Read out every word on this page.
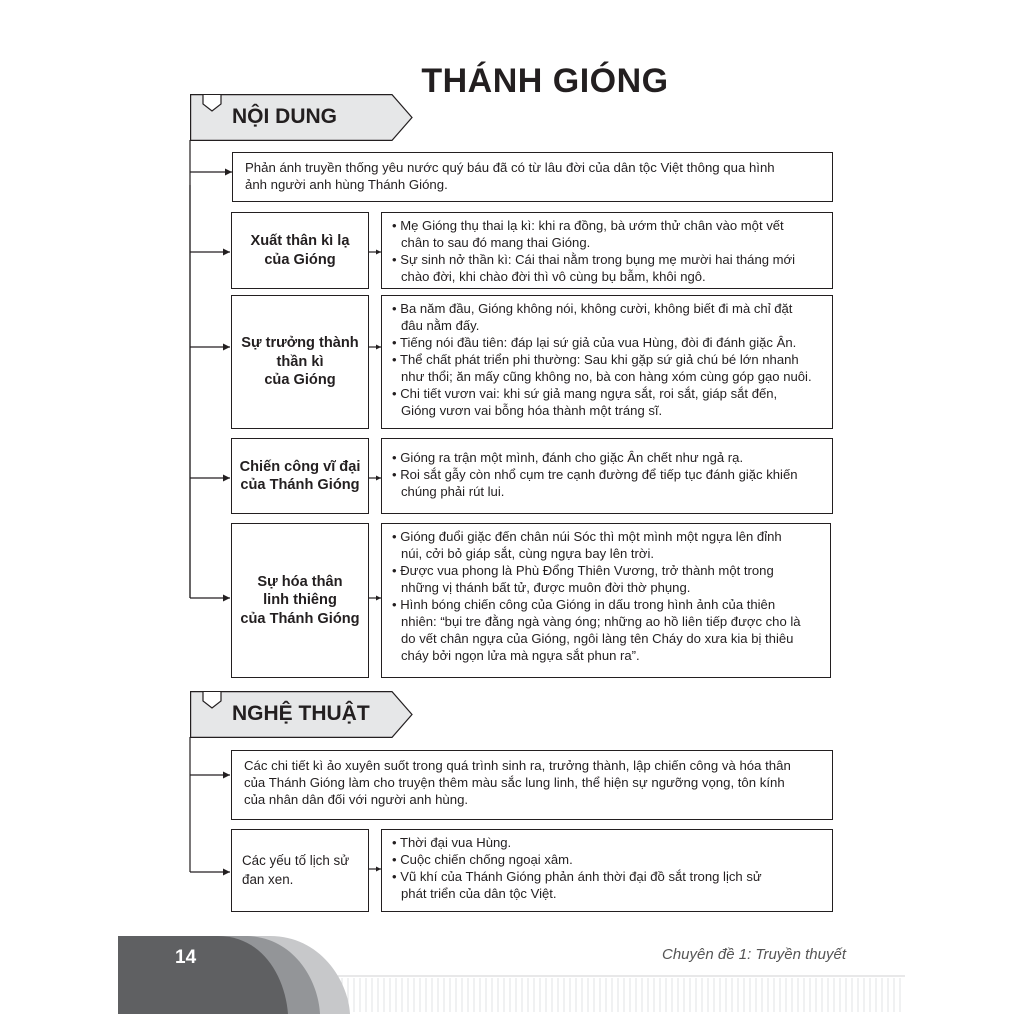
THÁNH GIÓNG
NỘI DUNG
Phản ánh truyền thống yêu nước quý báu đã có từ lâu đời của dân tộc Việt thông qua hình
ảnh người anh hùng Thánh Gióng.
Xuất thân kì lạ
của Gióng
• Mẹ Gióng thụ thai lạ kì: khi ra đồng, bà ướm thử chân vào một vết
chân to sau đó mang thai Gióng.
• Sự sinh nở thần kì: Cái thai nằm trong bụng mẹ mười hai tháng mới
chào đời, khi chào đời thì vô cùng bụ bẫm, khôi ngô.
Sự trưởng thành
thần kì
của Gióng
• Ba năm đầu, Gióng không nói, không cười, không biết đi mà chỉ đặt
đâu nằm đấy.
• Tiếng nói đầu tiên: đáp lại sứ giả của vua Hùng, đòi đi đánh giặc Ân.
• Thể chất phát triển phi thường: Sau khi gặp sứ giả chú bé lớn nhanh
như thổi; ăn mấy cũng không no, bà con hàng xóm cùng góp gạo nuôi.
• Chi tiết vươn vai: khi sứ giả mang ngựa sắt, roi sắt, giáp sắt đến,
Gióng vươn vai bỗng hóa thành một tráng sĩ.
Chiến công vĩ đại
của Thánh Gióng
• Gióng ra trận một mình, đánh cho giặc Ân chết như ngả rạ.
• Roi sắt gẫy còn nhổ cụm tre cạnh đường để tiếp tục đánh giặc khiến
chúng phải rút lui.
Sự hóa thân
linh thiêng
của Thánh Gióng
• Gióng đuổi giặc đến chân núi Sóc thì một mình một ngựa lên đỉnh
núi, cởi bỏ giáp sắt, cùng ngựa bay lên trời.
• Được vua phong là Phù Đổng Thiên Vương, trở thành một trong
những vị thánh bất tử, được muôn đời thờ phụng.
• Hình bóng chiến công của Gióng in dấu trong hình ảnh của thiên
nhiên: “bụi tre đằng ngà vàng óng; những ao hồ liên tiếp được cho là
do vết chân ngựa của Gióng, ngôi làng tên Cháy do xưa kia bị thiêu
cháy bởi ngọn lửa mà ngựa sắt phun ra”.
NGHỆ THUẬT
Các chi tiết kì ảo xuyên suốt trong quá trình sinh ra, trưởng thành, lập chiến công và hóa thân
của Thánh Gióng làm cho truyện thêm màu sắc lung linh, thể hiện sự ngưỡng vọng, tôn kính
của nhân dân đối với người anh hùng.
Các yếu tố lịch sử
đan xen.
• Thời đại vua Hùng.
• Cuộc chiến chống ngoại xâm.
• Vũ khí của Thánh Gióng phản ánh thời đại đồ sắt trong lịch sử
phát triển của dân tộc Việt.
14	Chuyên đề 1: Truyền thuyết
